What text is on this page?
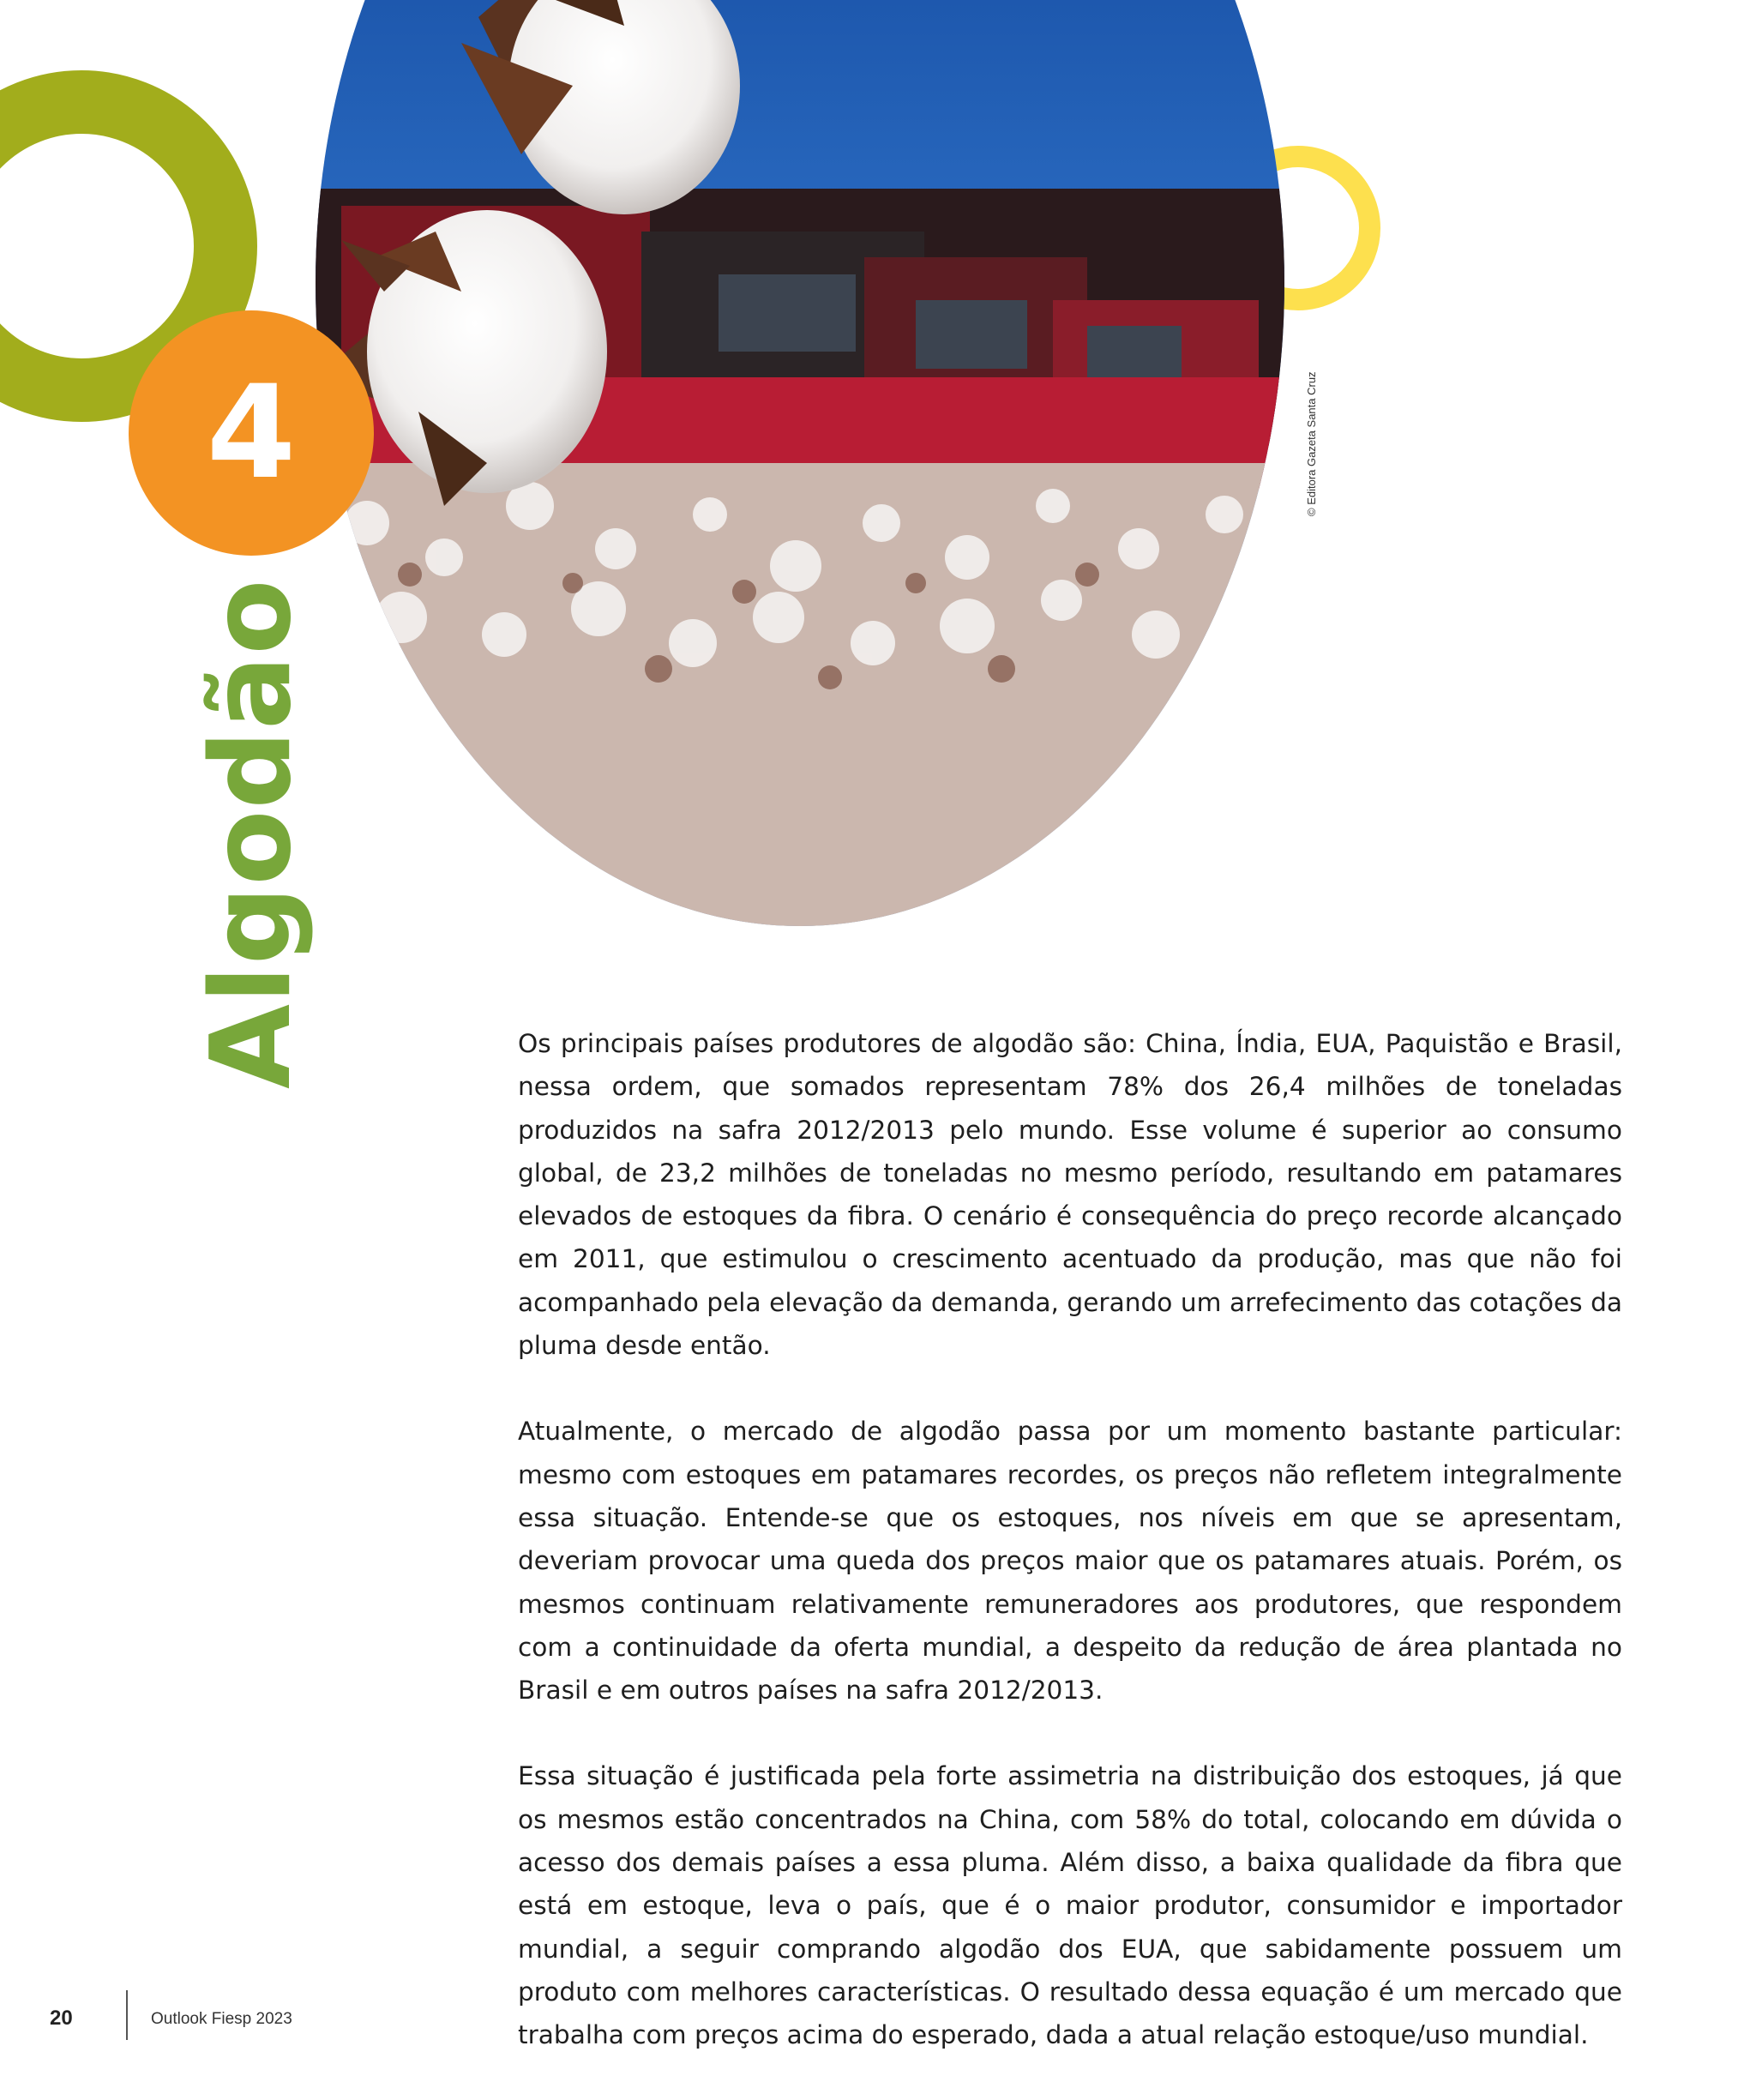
4
Algodão
© Editora Gazeta Santa Cruz

Os principais países produtores de algodão são: China, Índia, EUA, Paquistão e Brasil, nessa ordem, que somados representam 78% dos 26,4 milhões de toneladas produzidos na safra 2012/2013 pelo mundo. Esse volume é superior ao consumo global, de 23,2 milhões de toneladas no mesmo período, resultando em patamares elevados de estoques da fibra. O cenário é consequência do preço recorde alcançado em 2011, que estimulou o crescimento acentuado da produção, mas que não foi acompanhado pela elevação da demanda, gerando um arrefecimento das cotações da pluma desde então.

Atualmente, o mercado de algodão passa por um momento bastante particular: mesmo com estoques em patamares recordes, os preços não refletem integralmente essa situação. Entende-se que os estoques, nos níveis em que se apresentam, deveriam provocar uma queda dos preços maior que os patamares atuais. Porém, os mesmos continuam relativamente remuneradores aos produtores, que respondem com a continuidade da oferta mundial, a despeito da redução de área plantada no Brasil e em outros países na safra 2012/2013.

Essa situação é justificada pela forte assimetria na distribuição dos estoques, já que os mesmos estão concentrados na China, com 58% do total, colocando em dúvida o acesso dos demais países a essa pluma. Além disso, a baixa qualidade da fibra que está em estoque, leva o país, que é o maior produtor, consumidor e importador mundial, a seguir comprando algodão dos EUA, que sabidamente possuem um produto com melhores características. O resultado dessa equação é um mercado que trabalha com preços acima do esperado, dada a atual relação estoque/uso mundial.

20	Outlook Fiesp 2023
